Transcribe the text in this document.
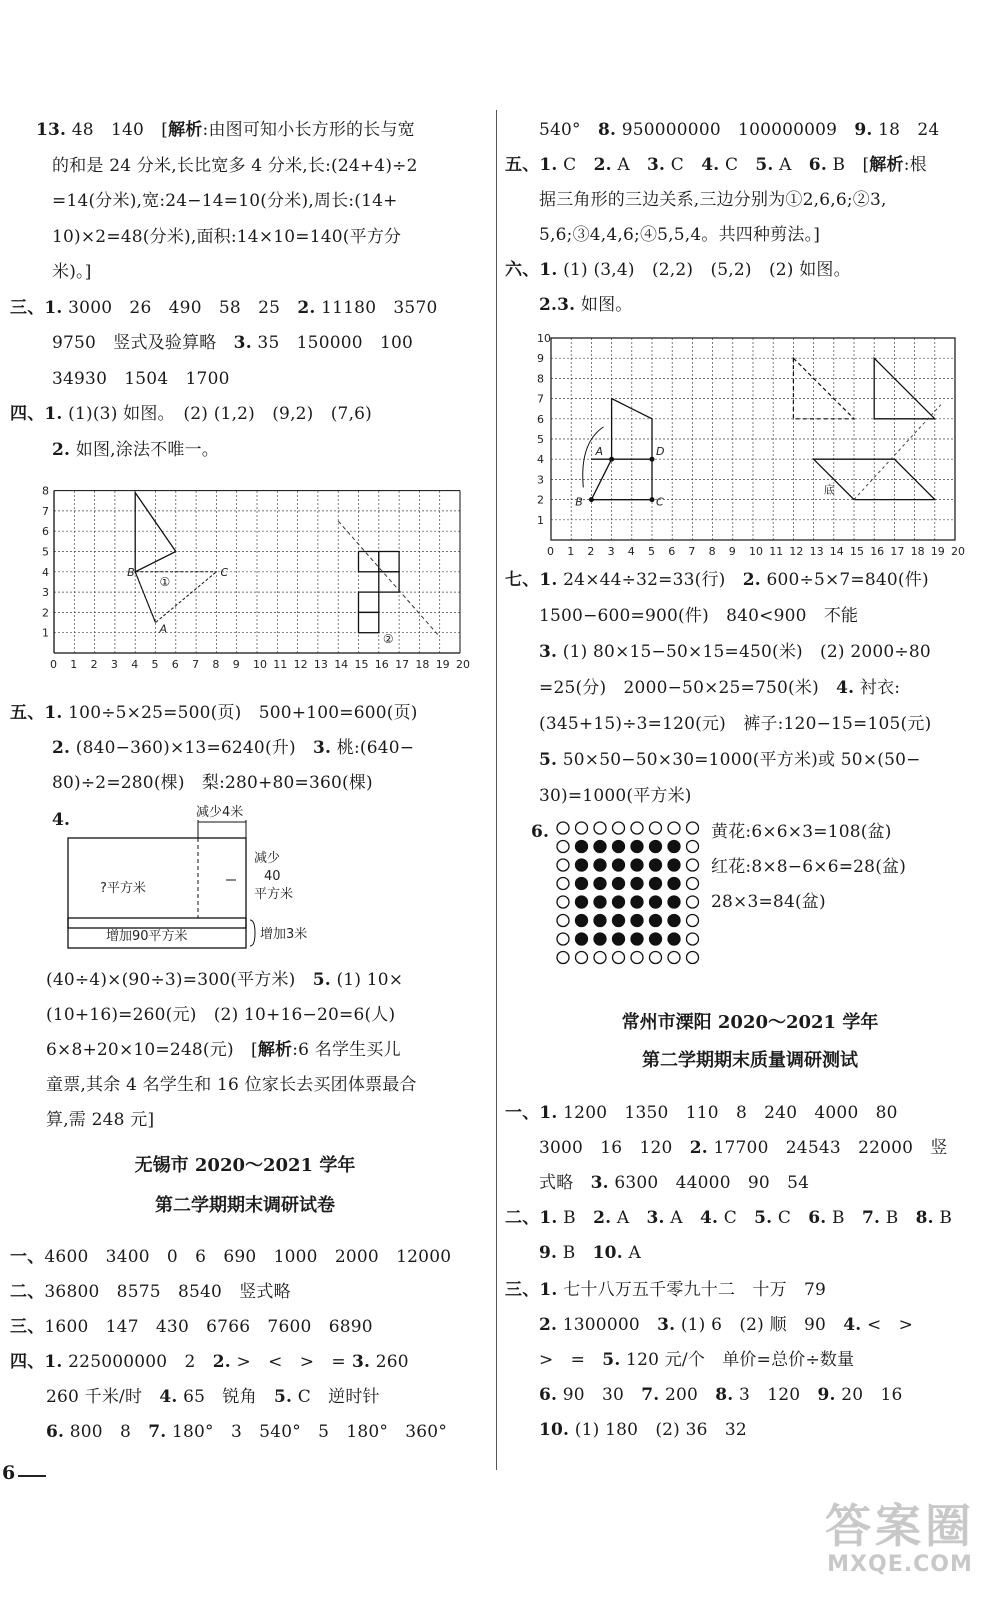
13. 48　140　[解析:由图可知小长方形的长与宽
的和是 24 分米,长比宽多 4 分米,长:(24+4)÷2
=14(分米),宽:24−14=10(分米),周长:(14+
10)×2=48(分米),面积:14×10=140(平方分
米)。]
三、1. 3000　26　490　58　25　2. 11180　3570
9750　竖式及验算略　3. 35　150000　100
34930　1504　1700
四、1. (1)(3) 如图。　(2) (1,2)　(9,2)　(7,6)
2. 如图,涂法不唯一。
五、1. 100÷5×25=500(页)　500+100=600(页)
2. (840−360)×13=6240(升)　3. 桃:(640−
80)÷2=280(棵)　梨:280+80=360(棵)
4.
(40÷4)×(90÷3)=300(平方米)　5. (1) 10×
(10+16)=260(元)　(2) 10+16−20=6(人)
6×8+20×10=248(元)　[解析:6 名学生买儿
童票,其余 4 名学生和 16 位家长去买团体票最合
算,需 248 元]
无锡市 2020～2021 学年
第二学期期末调研试卷
一、4600　3400　0　6　690　1000　2000　12000
二、36800　8575　8540　竖式略
三、1600　147　430　6766　7600　6890
四、1. 225000000　2　2. >　<　>　= 3. 260
260 千米/时　4. 65　锐角　5. C　逆时针
6. 800　8　7. 180°　3　540°　5　180°　360°
0 1 2 3 4 5 6 7 8 9 10 11 12 13 14 15 16 17 18 19 20
1
2
3
4
5
6
7
8
B	C
A
①
②
减少4米
?平方米
减少
40
平方米
增加90平方米	增加3米
540°　8. 950000000　100000009　9. 18　24
五、1. C　2. A　3. C　4. C　5. A　6. B　[解析:根
据三角形的三边关系,三边分别为①2,6,6;②3,
5,6;③4,4,6;④5,5,4。共四种剪法。]
六、1. (1) (3,4)　(2,2)　(5,2)　(2) 如图。
2.3. 如图。
七、1. 24×44÷32=33(行)　2. 600÷5×7=840(件)
1500−600=900(件)　840<900　不能
3. (1) 80×15−50×15=450(米)　(2) 2000÷80
=25(分)　2000−50×25=750(米)　4. 衬衣:
(345+15)÷3=120(元)　裤子:120−15=105(元)
5. 50×50−50×30=1000(平方米)或 50×(50−
30)=1000(平方米)
6.	黄花:6×6×3=108(盆)
红花:8×8−6×6=28(盆)
28×3=84(盆)
常州市溧阳 2020～2021 学年
第二学期期末质量调研测试
一、1. 1200　1350　110　8　240　4000　80
3000　16　120　2. 17700　24543　22000　竖
式略　3. 6300　44000　90　54
二、1. B　2. A　3. A　4. C　5. C　6. B　7. B　8. B
9. B　10. A
三、1. 七十八万五千零九十二　十万　79
2. 1300000　3. (1) 6　(2) 顺　90　4. <　>
>　=　5. 120 元/个　单价=总价÷数量
6. 90　30　7. 200　8. 3　120　9. 20　16
10. (1) 180　(2) 36　32
0 1 2 3 4 5 6 7 8 9 10 11 12 13 14 15 16 17 18 19 20
1
2
3
4
5
6
7
8
9
10
A
B	C
D
底
6
答案圈
MXQE.COM
